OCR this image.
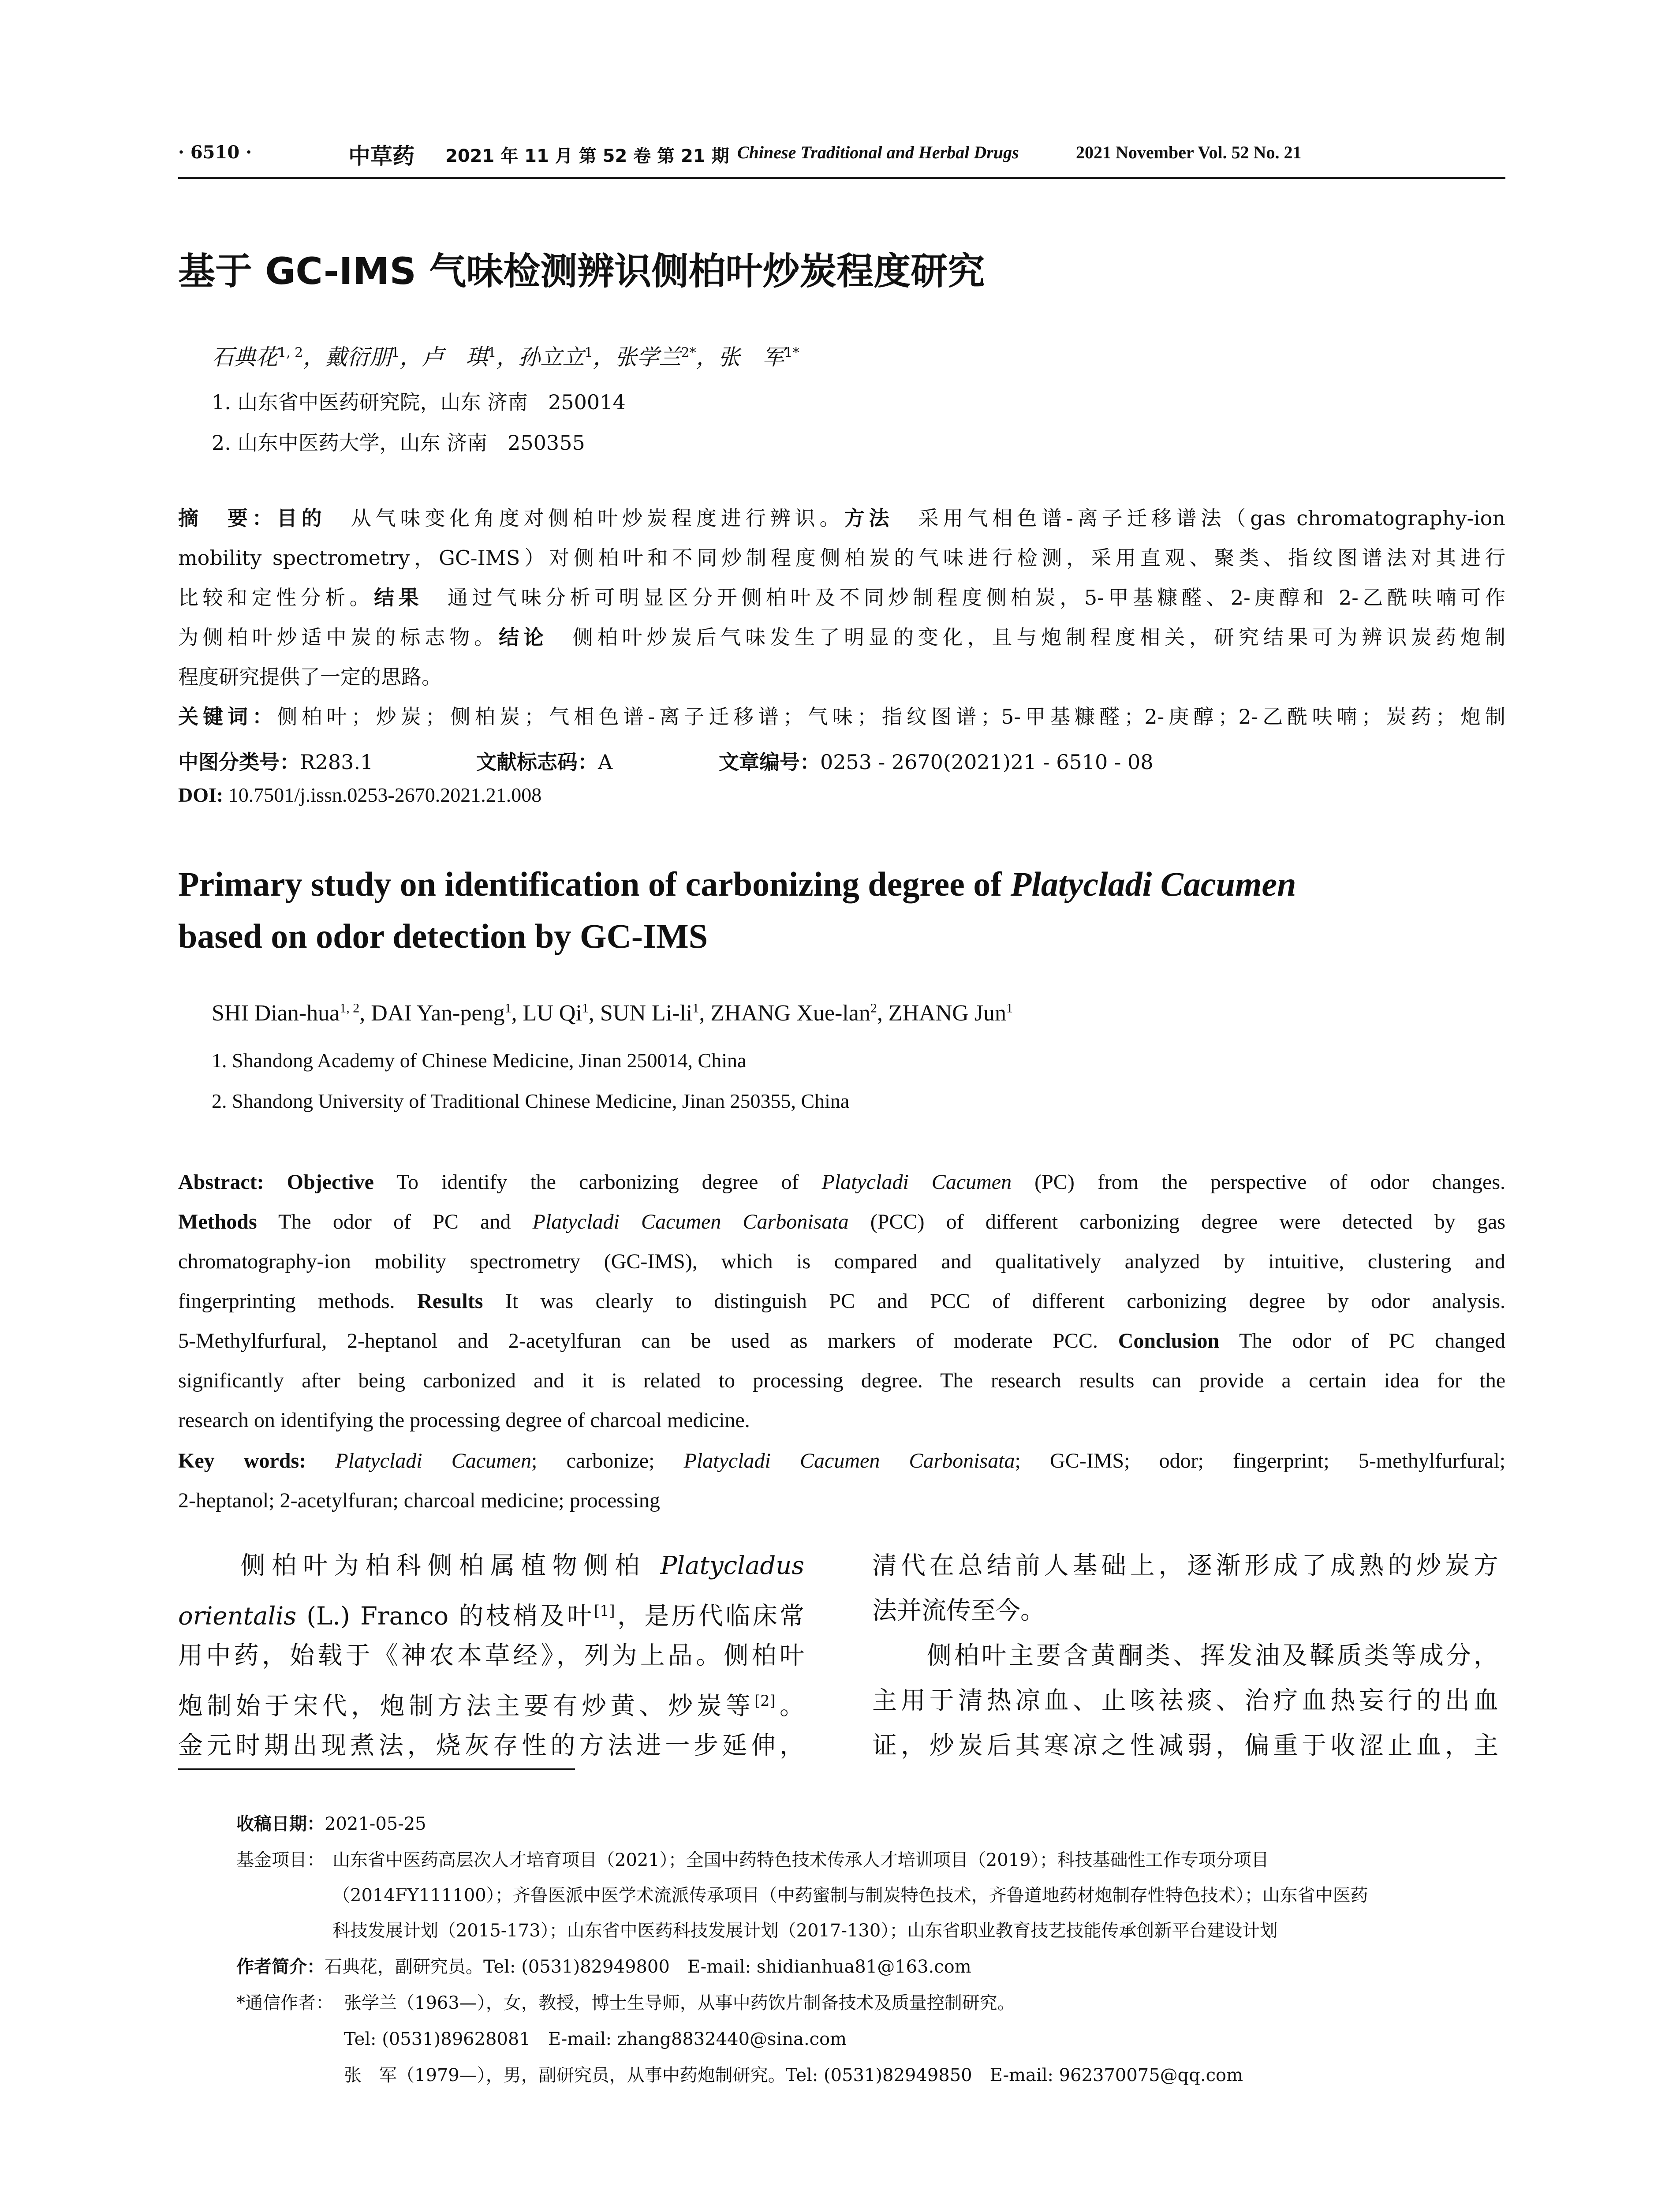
· 6510 ·	中草药 2021 年 11 月 第 52 卷 第 21 期 Chinese Traditional and Herbal Drugs	2021 November Vol. 52 No. 21
基于 GC-IMS 气味检测辨识侧柏叶炒炭程度研究
石典花$^{1, 2}$，戴衍朋$^1$，卢　琪$^1$，孙立立$^1$，张学兰$^{2*}$，张　军$^{1*}$
1. 山东省中医药研究院，山东 济南　250014
2. 山东中医药大学，山东 济南　250355
摘　要：目的　从气味变化角度对侧柏叶炒炭程度进行辨识。方法　采用气相色谱-离子迁移谱法（gas chromatography-ion
mobility spectrometry，GC-IMS）对侧柏叶和不同炒制程度侧柏炭的气味进行检测，采用直观、聚类、指纹图谱法对其进行
比较和定性分析。结果　通过气味分析可明显区分开侧柏叶及不同炒制程度侧柏炭，5-甲基糠醛、2-庚醇和 2-乙酰呋喃可作
为侧柏叶炒适中炭的标志物。结论　侧柏叶炒炭后气味发生了明显的变化，且与炮制程度相关，研究结果可为辨识炭药炮制
程度研究提供了一定的思路。
关键词：侧柏叶；炒炭；侧柏炭；气相色谱-离子迁移谱；气味；指纹图谱；5-甲基糠醛；2-庚醇；2-乙酰呋喃；炭药；炮制
中图分类号：R283.1	文献标志码：A	文章编号：0253 - 2670(2021)21 - 6510 - 08
DOI: 10.7501/j.issn.0253-2670.2021.21.008
Primary study on identification of carbonizing degree of Platycladi Cacumen
based on odor detection by GC-IMS
SHI Dian-hua$^{1, 2}$, DAI Yan-peng$^1$, LU Qi$^1$, SUN $Li-li^1$, ZHANG Xue-lan$^2$, ZHANG Jun$^1$
1. Shandong Academy of Chinese Medicine, Jinan 250014, China
2. Shandong University of Traditional Chinese Medicine, Jinan 250355, China
Abstract: Objective To identify the carbonizing degree of Platycladi Cacumen (PC) from the perspective of odor changes.
Methods The odor of PC and Platycladi Cacumen Carbonisata (PCC) of different carbonizing degree were detected by gas
chromatography-ion mobility spectrometry (GC-IMS), which is compared and qualitatively analyzed by intuitive, clustering and
fingerprinting methods. Results It was clearly to distinguish PC and PCC of different carbonizing degree by odor analysis.
5-Methylfurfural, 2-heptanol and 2-acetylfuran can be used as markers of moderate PCC. Conclusion The odor of PC changed
significantly after being carbonized and it is related to processing degree. The research results can provide a certain idea for the
research on identifying the processing degree of charcoal medicine.
Key words: Platycladi Cacumen; carbonize; Platycladi Cacumen Carbonisata; GC-IMS; odor; fingerprint; 5-methylfurfural;
2-heptanol; 2-acetylfuran; charcoal medicine; processing
　　侧柏叶为柏科侧柏属植物侧柏 Platycladus
orientalis (L.) Franco 的枝梢及叶[1]，是历代临床常
用中药，始载于《神农本草经》，列为上品。侧柏叶
炮制始于宋代，炮制方法主要有炒黄、炒炭等[2]。
金元时期出现煮法，烧灰存性的方法进一步延伸，
清代在总结前人基础上，逐渐形成了成熟的炒炭方
法并流传至今。
　　侧柏叶主要含黄酮类、挥发油及鞣质类等成分，
主用于清热凉血、止咳祛痰、治疗血热妄行的出血
证，炒炭后其寒凉之性减弱，偏重于收涩止血，主
收稿日期：2021-05-25
基金项目： 山东省中医药高层次人才培育项目（2021）；全国中药特色技术传承人才培训项目（2019）；科技基础性工作专项分项目
（2014FY111100）；齐鲁医派中医学术流派传承项目（中药蜜制与制炭特色技术，齐鲁道地药材炮制存性特色技术）；山东省中医药
科技发展计划（2015-173）；山东省中医药科技发展计划（2017-130）；山东省职业教育技艺技能传承创新平台建设计划
作者简介：石典花，副研究员。Tel: (0531)82949800　E-mail: shidianhua81@163.com
*通信作者： 张学兰（1963—），女，教授，博士生导师，从事中药饮片制备技术及质量控制研究。
Tel: (0531)89628081　E-mail: zhang8832440@sina.com
张　军（1979—），男，副研究员，从事中药炮制研究。Tel: (0531)82949850　E-mail: 962370075@qq.com
